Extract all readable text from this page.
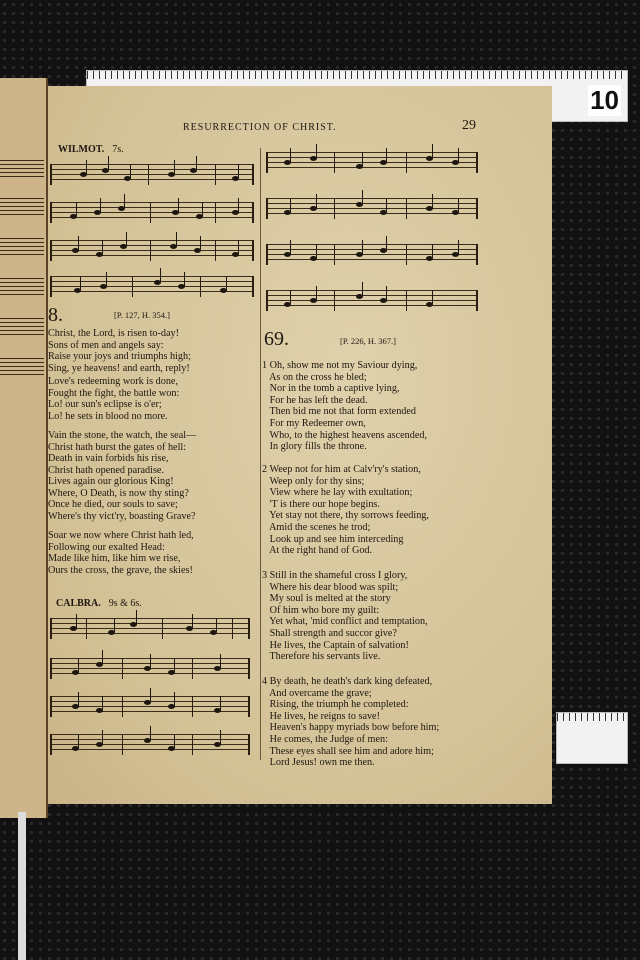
10
RESURRECTION OF CHRIST.	29
WILMOT. 7s.
8.	[P. 127, H. 354.]
Christ, the Lord, is risen to-day!
Sons of men and angels say:
Raise your joys and triumphs high;
Sing, ye heavens! and earth, reply!
Love's redeeming work is done,
Fought the fight, the battle won:
Lo! our sun's eclipse is o'er;
Lo! he sets in blood no more.
Vain the stone, the watch, the seal—
Christ hath burst the gates of hell:
Death in vain forbids his rise,
Christ hath opened paradise.
Lives again our glorious King!
Where, O Death, is now thy sting?
Once he died, our souls to save;
Where's thy vict'ry, boasting Grave?
Soar we now where Christ hath led,
Following our exalted Head:
Made like him, like him we rise,
Ours the cross, the grave, the skies!
CALBRA. 9s & 6s.
69.	[P. 226, H. 367.]
1 Oh, show me not my Saviour dying,
As on the cross he bled;
Nor in the tomb a captive lying,
For he has left the dead.
Then bid me not that form extended
For my Redeemer own,
Who, to the highest heavens ascended,
In glory fills the throne.
2 Weep not for him at Calv'ry's station,
Weep only for thy sins;
View where he lay with exultation;
'T is there our hope begins.
Yet stay not there, thy sorrows feeding,
Amid the scenes he trod;
Look up and see him interceding
At the right hand of God.
3 Still in the shameful cross I glory,
Where his dear blood was spilt;
My soul is melted at the story
Of him who bore my guilt:
Yet what, 'mid conflict and temptation,
Shall strength and succor give?
He lives, the Captain of salvation!
Therefore his servants live.
4 By death, he death's dark king defeated,
And overcame the grave;
Rising, the triumph he completed:
He lives, he reigns to save!
Heaven's happy myriads bow before him;
He comes, the Judge of men:
These eyes shall see him and adore him;
Lord Jesus! own me then.
